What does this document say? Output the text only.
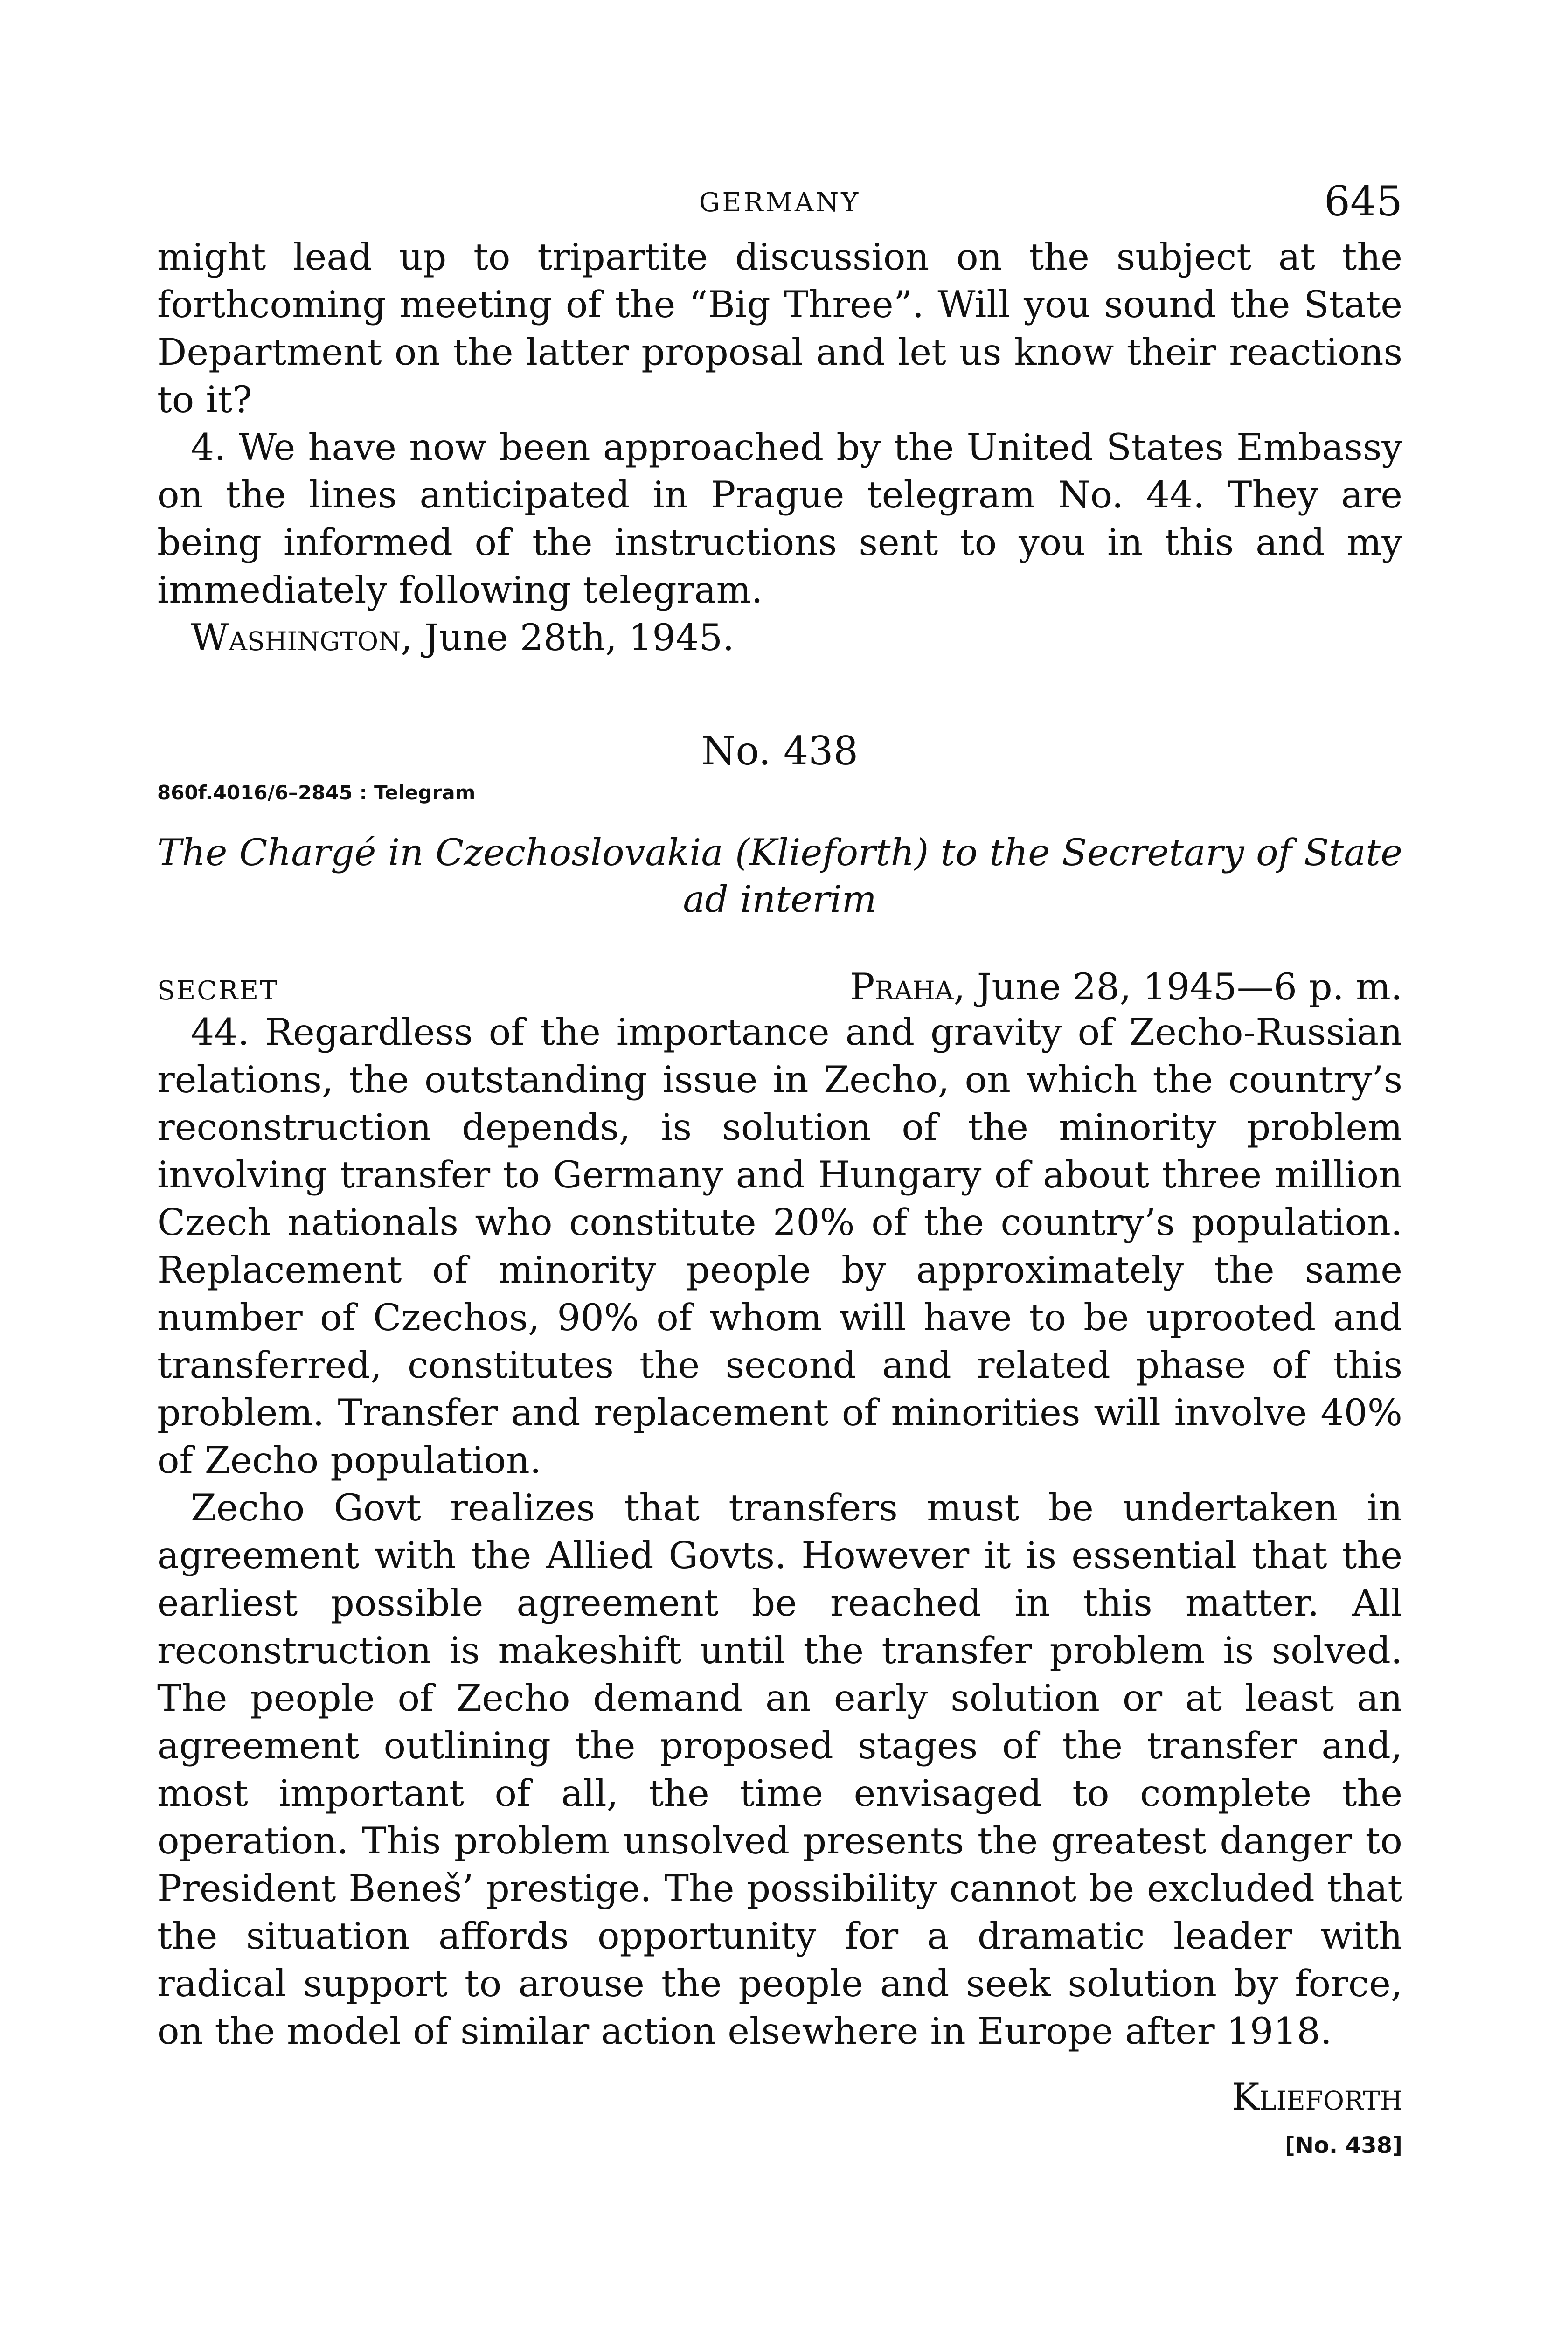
GERMANY	645

might lead up to tripartite discussion on the subject at the forthcoming meeting of the “Big Three”. Will you sound the State Department on the latter proposal and let us know their reactions to it?

4. We have now been approached by the United States Embassy on the lines anticipated in Prague telegram No. 44. They are being informed of the instructions sent to you in this and my immediately following telegram.

Washington, June 28th, 1945.

No. 438
860f.4016/6–2845 : Telegram
The Chargé in Czechoslovakia (Klieforth) to the Secretary of State
ad interim
SECRET	Praha, June 28, 1945—6 p. m.

44. Regardless of the importance and gravity of Zecho-Russian relations, the outstanding issue in Zecho, on which the country’s reconstruction depends, is solution of the minority problem involving transfer to Germany and Hungary of about three million Czech nationals who constitute 20% of the country’s population. Replacement of minority people by approximately the same number of Czechos, 90% of whom will have to be uprooted and transferred, constitutes the second and related phase of this problem. Transfer and replacement of minorities will involve 40% of Zecho population.

Zecho Govt realizes that transfers must be undertaken in agreement with the Allied Govts. However it is essential that the earliest possible agreement be reached in this matter. All reconstruction is makeshift until the transfer problem is solved. The people of Zecho demand an early solution or at least an agreement outlining the proposed stages of the transfer and, most important of all, the time envisaged to complete the operation. This problem unsolved presents the greatest danger to President Beneš’ prestige. The possibility cannot be excluded that the situation affords opportunity for a dramatic leader with radical support to arouse the people and seek solution by force, on the model of similar action elsewhere in Europe after 1918.

Klieforth
[No. 438]
